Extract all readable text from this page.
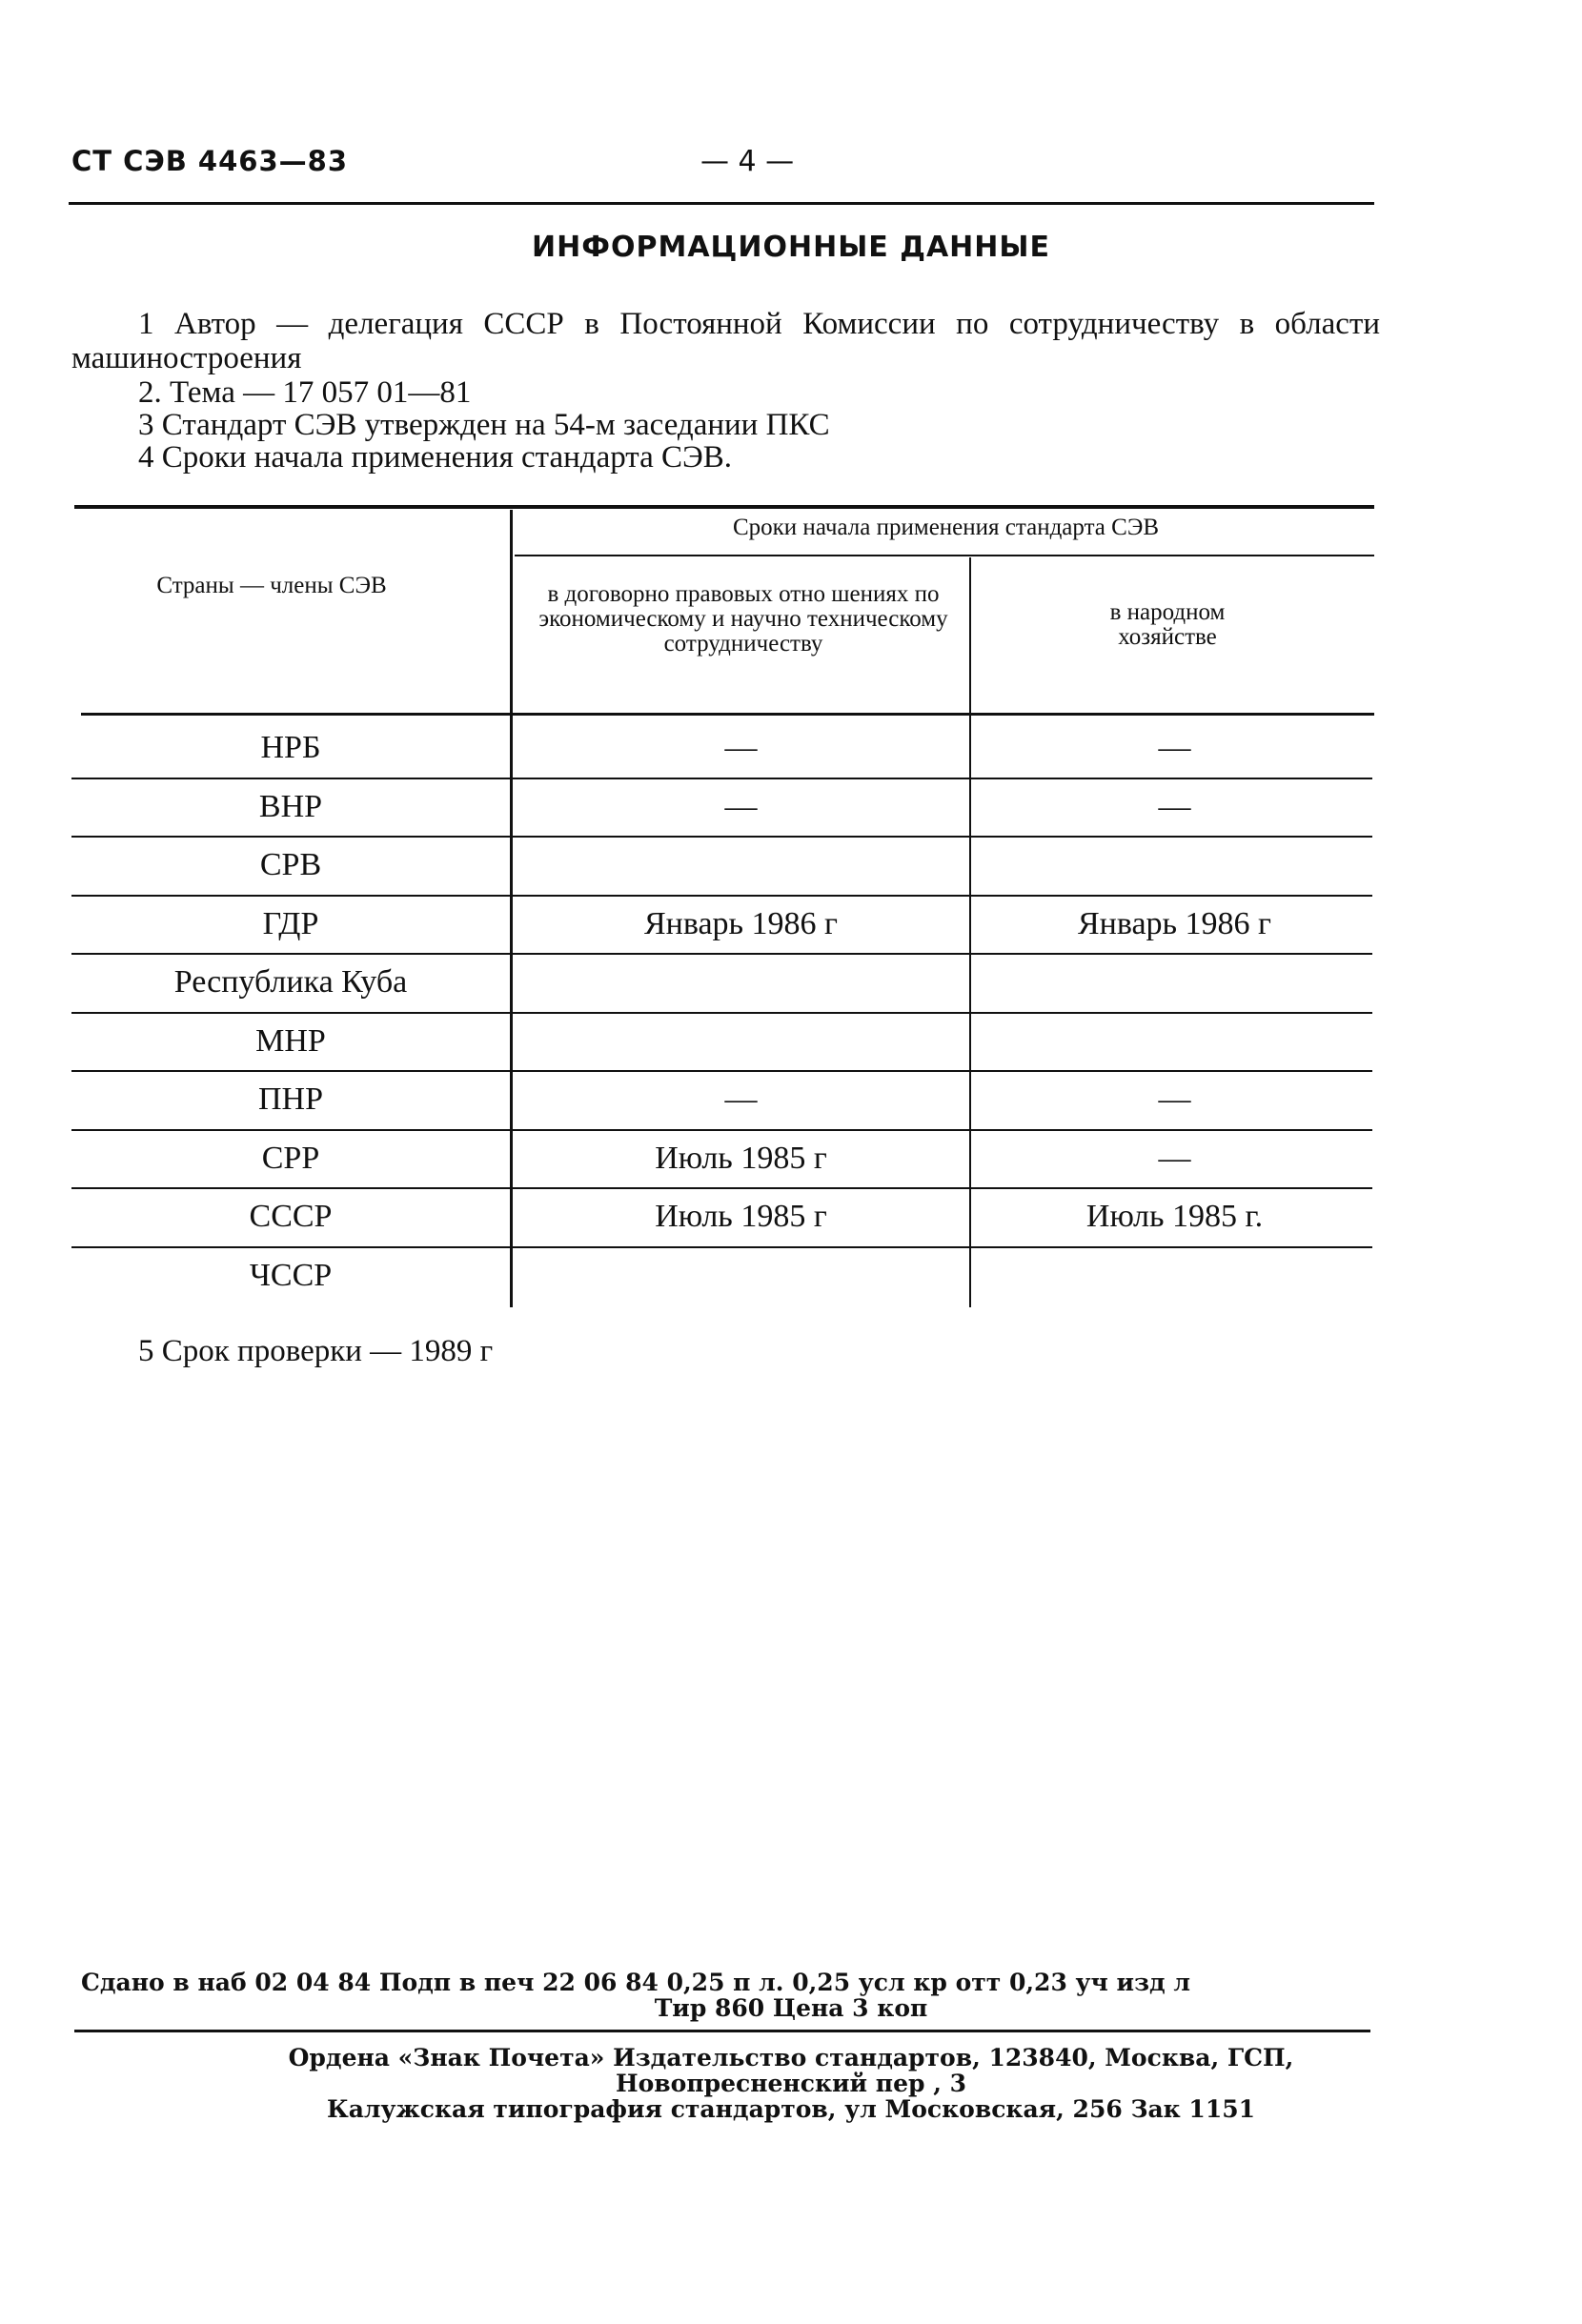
СТ СЭВ 4463—83	— 4 —
ИНФОРМАЦИОННЫЕ ДАННЫЕ
1 Автор — делегация СССР в Постоянной Комиссии по сотрудничеству в области машиностроения
2. Тема — 17 057 01—81
3 Стандарт СЭВ утвержден на 54-м заседании ПКС
4 Сроки начала применения стандарта СЭВ.
Страны — члены СЭВ
Сроки начала применения стандарта СЭВ
в договорно правовых отно шениях по экономическому и научно техническому сотрудничеству
в народном хозяйстве
НРБ	—	—
ВНР	—	—
СРВ
ГДР	Январь 1986 г	Январь 1986 г
Республика Куба
МНР
ПНР	—	—
СРР	Июль 1985 г	—
СССР	Июль 1985 г	Июль 1985 г.
ЧССР
5 Срок проверки — 1989 г
Сдано в наб 02 04 84 Подп в печ 22 06 84 0,25 п л. 0,25 усл кр отт 0,23 уч изд л
Тир 860 Цена 3 коп
Ордена «Знак Почета» Издательство стандартов, 123840, Москва, ГСП,
Новопресненский пер , 3
Калужская типография стандартов, ул Московская, 256 Зак 1151
